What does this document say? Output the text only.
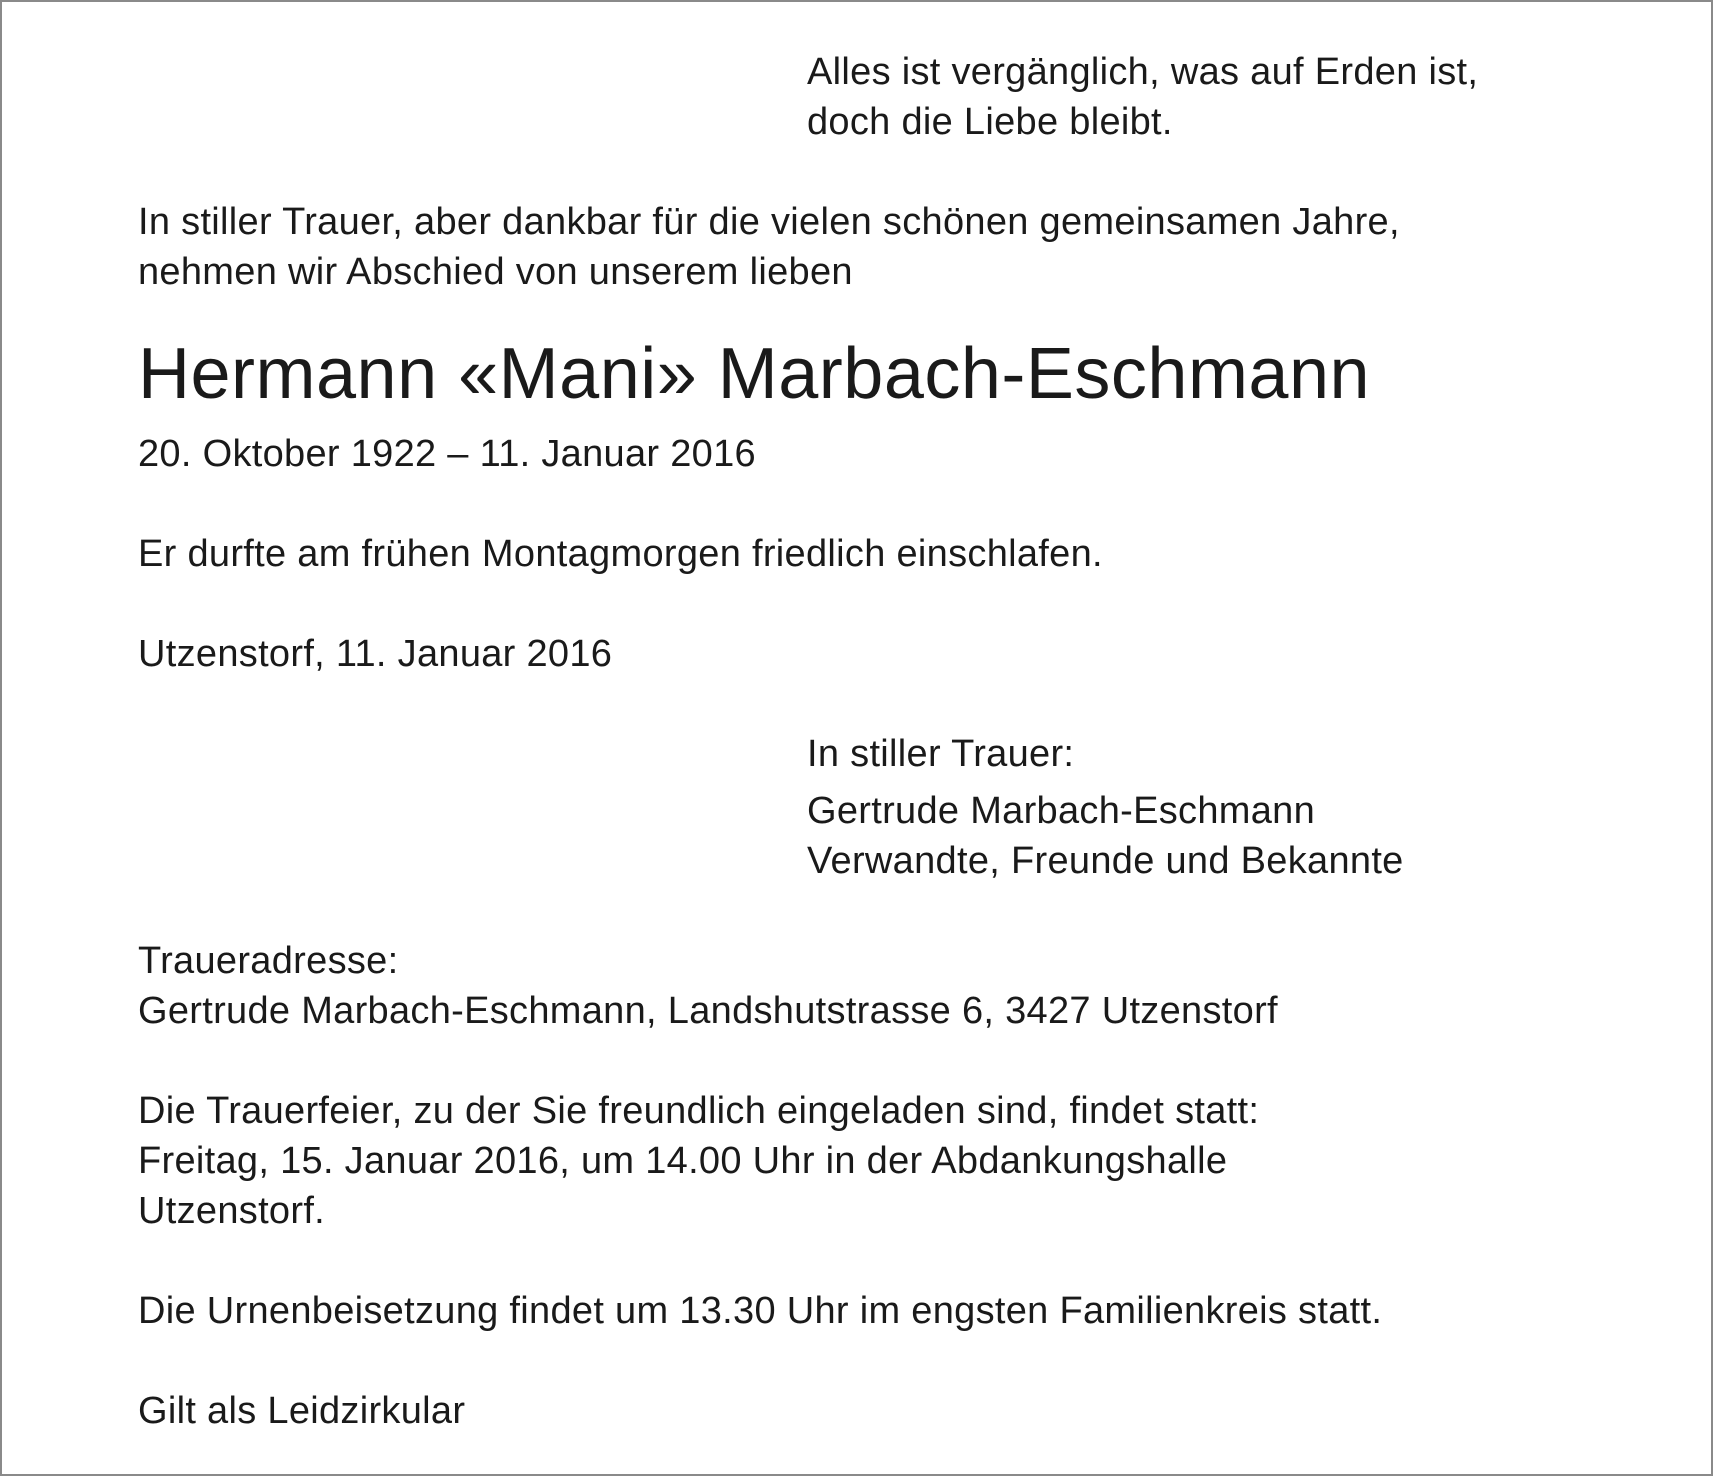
Alles ist vergänglich, was auf Erden ist,
doch die Liebe bleibt.
In stiller Trauer, aber dankbar für die vielen schönen gemeinsamen Jahre,
nehmen wir Abschied von unserem lieben
Hermann «Mani» Marbach-Eschmann
20. Oktober 1922 – 11. Januar 2016
Er durfte am frühen Montagmorgen friedlich einschlafen.
Utzenstorf, 11. Januar 2016
In stiller Trauer:
Gertrude Marbach-Eschmann
Verwandte, Freunde und Bekannte
Traueradresse:
Gertrude Marbach-Eschmann, Landshutstrasse 6, 3427 Utzenstorf
Die Trauerfeier, zu der Sie freundlich eingeladen sind, findet statt:
Freitag, 15. Januar 2016, um 14.00 Uhr in der Abdankungshalle
Utzenstorf.
Die Urnenbeisetzung findet um 13.30 Uhr im engsten Familienkreis statt.
Gilt als Leidzirkular
